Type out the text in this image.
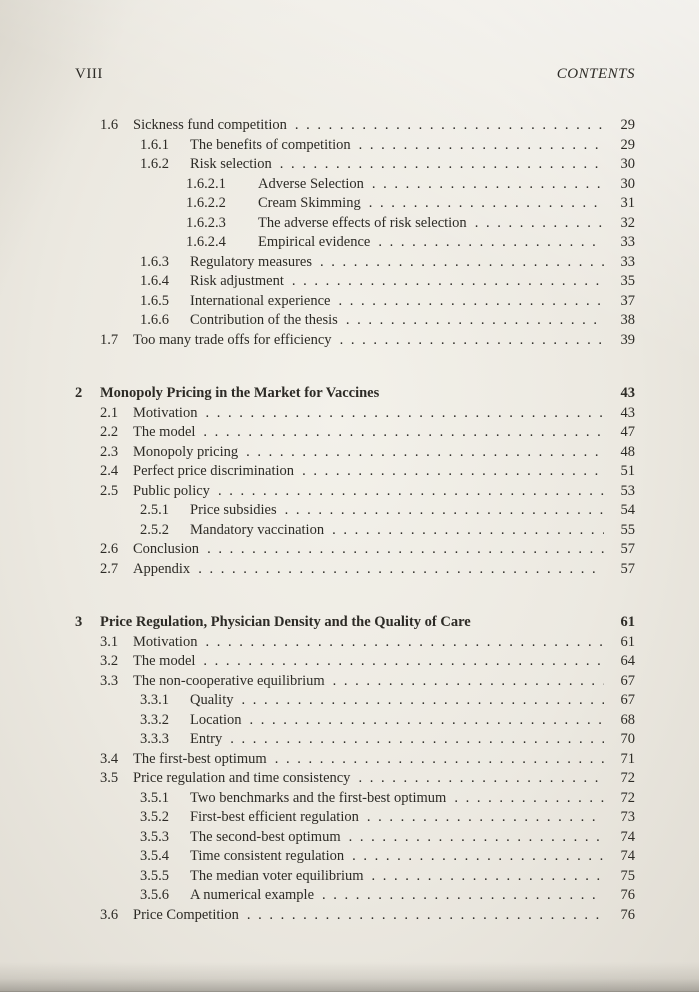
VIII	CONTENTS
1.6	Sickness fund competition . . .	29
1.6.1	The benefits of competition . . .	29
1.6.2	Risk selection . . .	30
1.6.2.1	Adverse Selection . . .	30
1.6.2.2	Cream Skimming . . .	31
1.6.2.3	The adverse effects of risk selection . . .	32
1.6.2.4	Empirical evidence . . .	33
1.6.3	Regulatory measures . . .	33
1.6.4	Risk adjustment . . .	35
1.6.5	International experience . . .	37
1.6.6	Contribution of the thesis . . .	38
1.7	Too many trade offs for efficiency . . .	39
2	Monopoly Pricing in the Market for Vaccines	43
2.1	Motivation . . .	43
2.2	The model . . .	47
2.3	Monopoly pricing . . .	48
2.4	Perfect price discrimination . . .	51
2.5	Public policy . . .	53
2.5.1	Price subsidies . . .	54
2.5.2	Mandatory vaccination . . .	55
2.6	Conclusion . . .	57
2.7	Appendix . . .	57
3	Price Regulation, Physician Density and the Quality of Care	61
3.1	Motivation . . .	61
3.2	The model . . .	64
3.3	The non-cooperative equilibrium . . .	67
3.3.1	Quality . . .	67
3.3.2	Location . . .	68
3.3.3	Entry . . .	70
3.4	The first-best optimum . . .	71
3.5	Price regulation and time consistency . . .	72
3.5.1	Two benchmarks and the first-best optimum . . .	72
3.5.2	First-best efficient regulation . . .	73
3.5.3	The second-best optimum . . .	74
3.5.4	Time consistent regulation . . .	74
3.5.5	The median voter equilibrium . . .	75
3.5.6	A numerical example . . .	76
3.6	Price Competition . . .	76
